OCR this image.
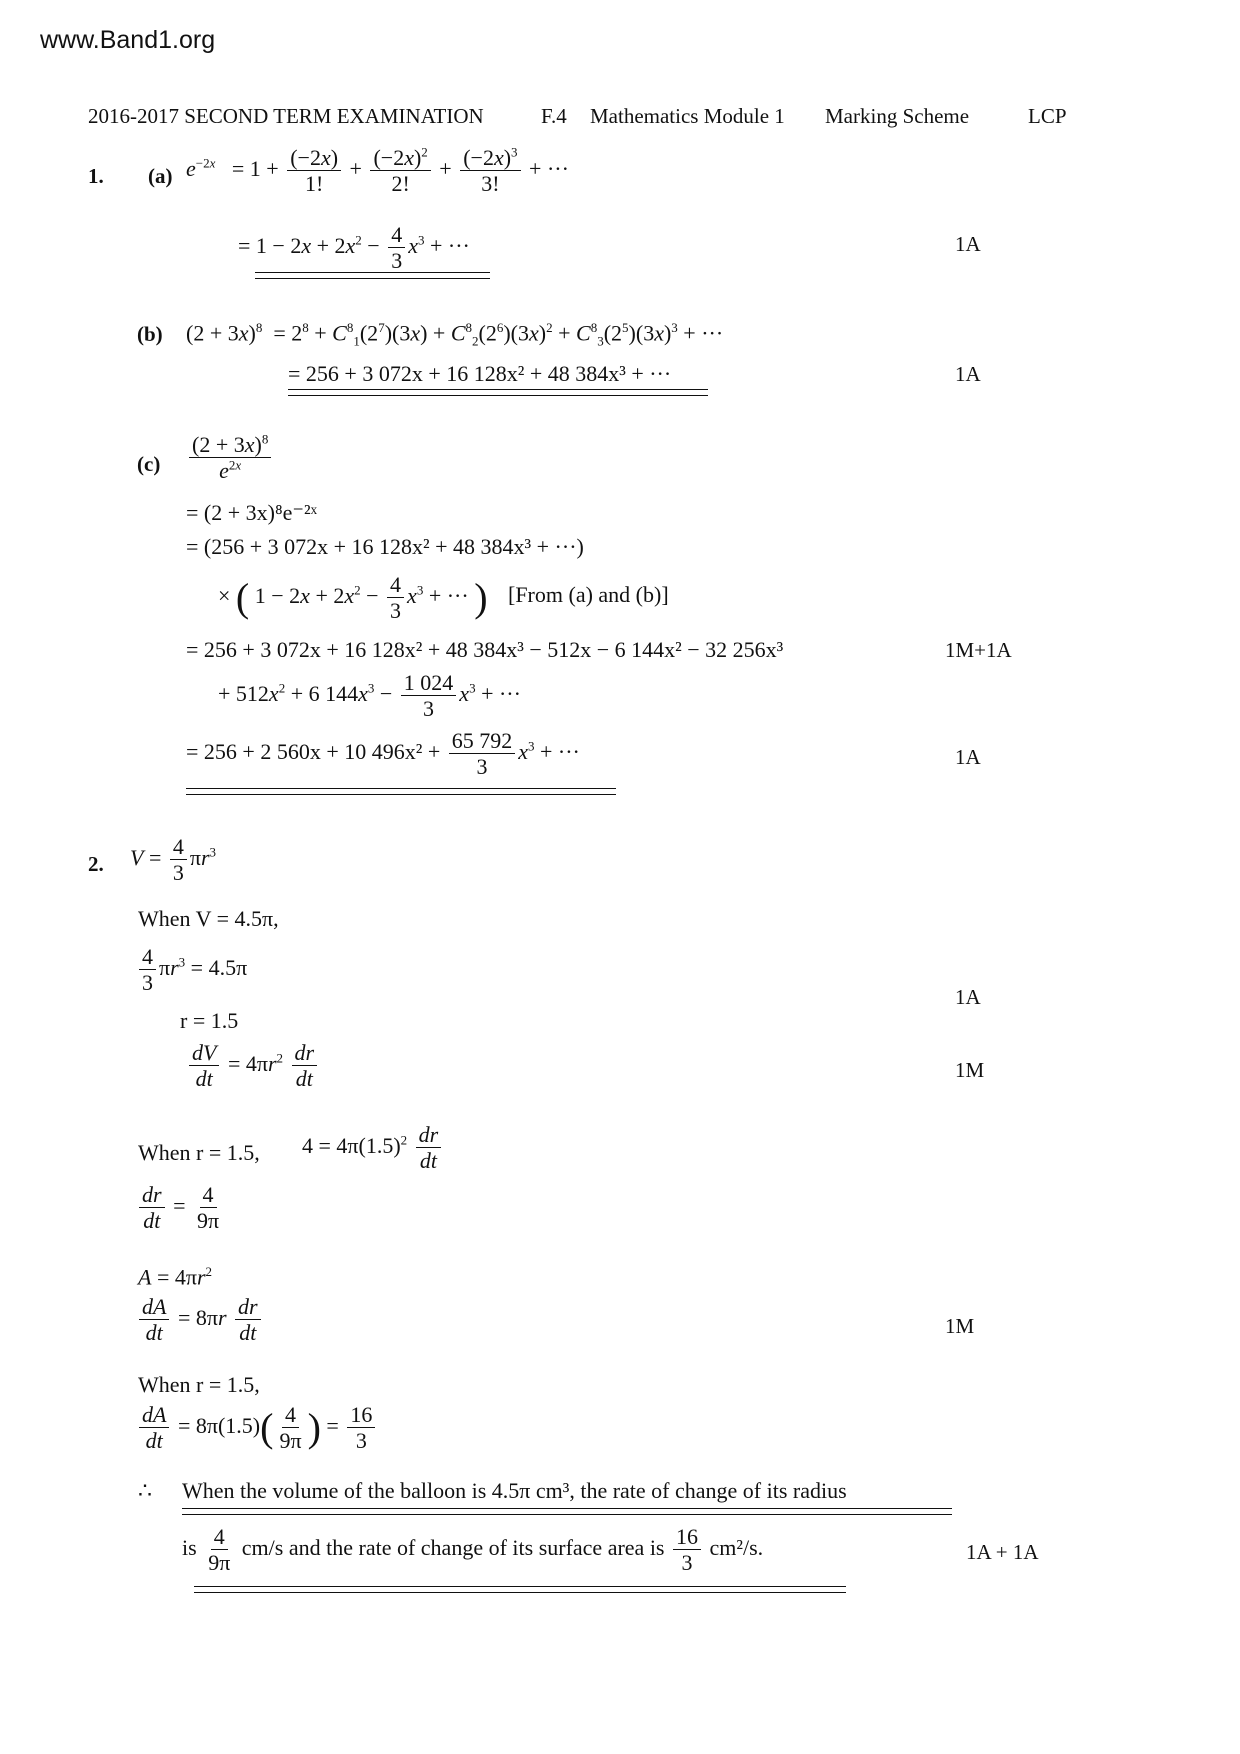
www.Band1.org
2016-2017 SECOND TERM EXAMINATION	F.4 Mathematics Module 1 Marking Scheme	LCP
1. (a) $e^{-2x} = 1 + \frac{(-2x)}{1!} + \frac{(-2x)^2}{2!} + \frac{(-2x)^3}{3!}$ + ···
= $1 - 2x + 2x^2 - \frac{4}{3} x^3$ + ···	1A
(b) $(2 + 3x)^8 = 2^8 + C^8_1(2^7)(3x) + C^8_2(2^6)(3x)^2 + C^8_3(2^5)(3x)^3$ + ···
= 256 + 3 072x + 16 128x² + 48 384x³ + ···	1A
$(c) \frac{(2 + 3x)^8}{e^{2x}}$
= (2 + 3x)⁸e⁻²ˣ
= (256 + 3 072x + 16 128x² + 48 384x³ + ···)
× ( $1 - 2x + 2x^2 - \frac{4}{3} x^3$ + ··· ) [From (a) and (b)]
= 256 + 3 072x + 16 128x² + 48 384x³ − 512x − 6 144x² − 32 256x³	1M+1A
+ $512x^2 + 6$ $144x^3 - \frac{1 024}{3} x^3$ + ···
= 256 + 2 560x + 10 $496x^2 + \frac{65 792}{3} x^3$ + ···	1A
2. $V = \frac{4}{3} \pi r^3$
When V = 4.5π,
$\frac{4}{3} \pi r^3 = 4.5\pi$
r = 1.5
1A
$\frac{dV}{dt} = 4\pi r^2 \frac{dr}{dt}$	1M
When r = 1.5, $4 = 4\pi(1.5)^2 \frac{dr}{dt}$
$\frac{dr}{dt} = \frac{4}{9\pi}$
$A = 4\pi r^2$
$\frac{dA}{dt} = 8\pi r \frac{dr}{dt}$	1M
When r = 1.5,
$\frac{dA}{dt} = 8\pi(1.5)( \frac{4}{9\pi}$ ) = $\frac{16}{3}$
∴ When the volume of the balloon is 4.5π cm³, the rate of change of its radius
is $\frac{4}{9\pi} cm/s$ and the rate of change of its surface area is $\frac{16}{3} cm^2/s$.	1A + 1A
